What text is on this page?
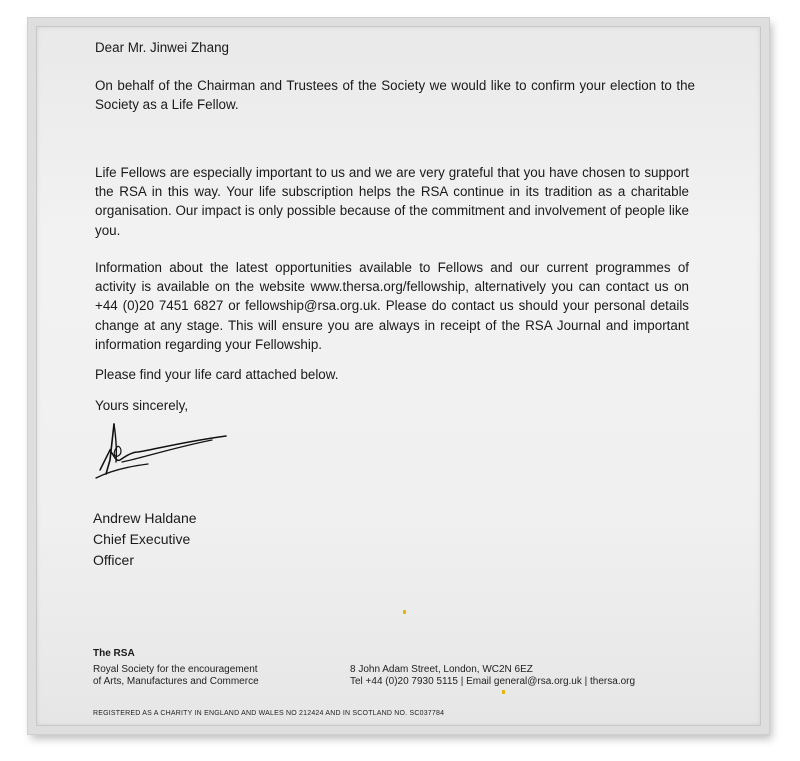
Dear Mr. Jinwei Zhang

On behalf of the Chairman and Trustees of the Society we would like to confirm your election to the Society as a Life Fellow.

Life Fellows are especially important to us and we are very grateful that you have chosen to support the RSA in this way. Your life subscription helps the RSA continue in its tradition as a charitable organisation. Our impact is only possible because of the commitment and involvement of people like you.

Information about the latest opportunities available to Fellows and our current programmes of activity is available on the website www.thersa.org/fellowship, alternatively you can contact us on +44 (0)20 7451 6827 or fellowship@rsa.org.uk. Please do contact us should your personal details change at any stage. This will ensure you are always in receipt of the RSA Journal and important information regarding your Fellowship.

Please find your life card attached below.

Yours sincerely,

Andrew Haldane
Chief Executive
Officer
The RSA
Royal Society for the encouragement
of Arts, Manufactures and Commerce
8 John Adam Street, London, WC2N 6EZ
Tel +44 (0)20 7930 5115 | Email general@rsa.org.uk | thersa.org
REGISTERED AS A CHARITY IN ENGLAND AND WALES NO 212424 AND IN SCOTLAND NO. SC037784
